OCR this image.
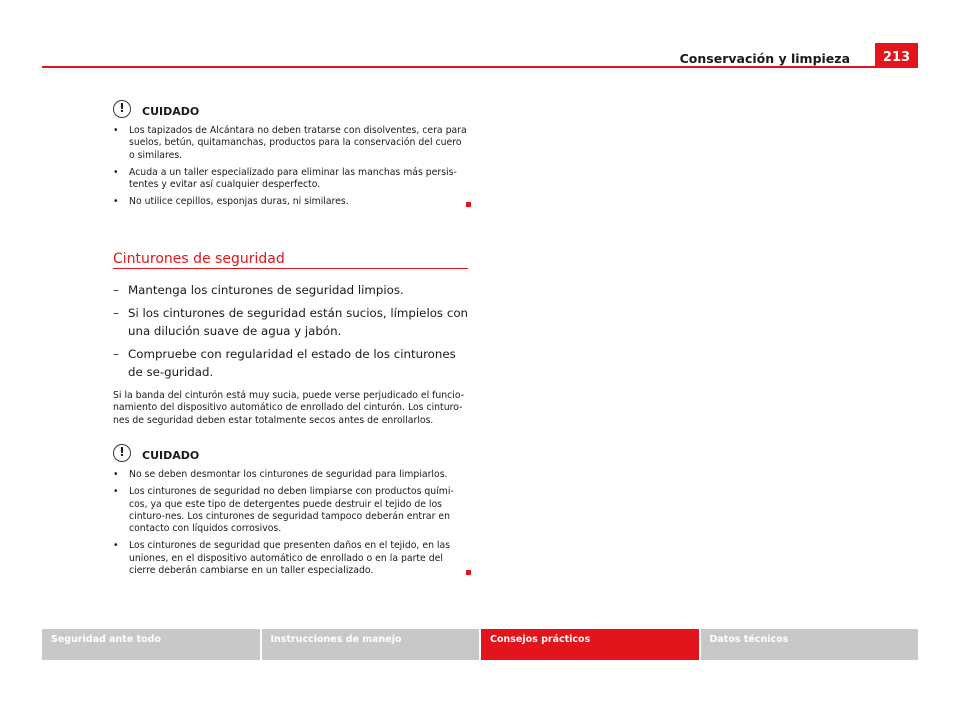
Conservación y limpieza	213
!	CUIDADO

• Los tapizados de Alcántara no deben tratarse con disolventes, cera para suelos, betún, quitamanchas, productos para la conservación del cuero o similares.

• Acuda a un taller especializado para eliminar las manchas más persis-tentes y evitar así cualquier desperfecto.

• No utilice cepillos, esponjas duras, ni similares.

Cinturones de seguridad

– Mantenga los cinturones de seguridad limpios.

– Si los cinturones de seguridad están sucios, límpielos con una dilución suave de agua y jabón.

– Compruebe con regularidad el estado de los cinturones de se-guridad.

Si la banda del cinturón está muy sucia, puede verse perjudicado el funcio-namiento del dispositivo automático de enrollado del cinturón. Los cinturo-nes de seguridad deben estar totalmente secos antes de enrollarlos.
!	CUIDADO

• No se deben desmontar los cinturones de seguridad para limpiarlos.

• Los cinturones de seguridad no deben limpiarse con productos quími-cos, ya que este tipo de detergentes puede destruir el tejido de los cinturo-nes. Los cinturones de seguridad tampoco deberán entrar en contacto con líquidos corrosivos.

• Los cinturones de seguridad que presenten daños en el tejido, en las uniones, en el dispositivo automático de enrollado o en la parte del cierre deberán cambiarse en un taller especializado.

Seguridad ante todo	Instrucciones de manejo	Consejos prácticos	Datos técnicos
